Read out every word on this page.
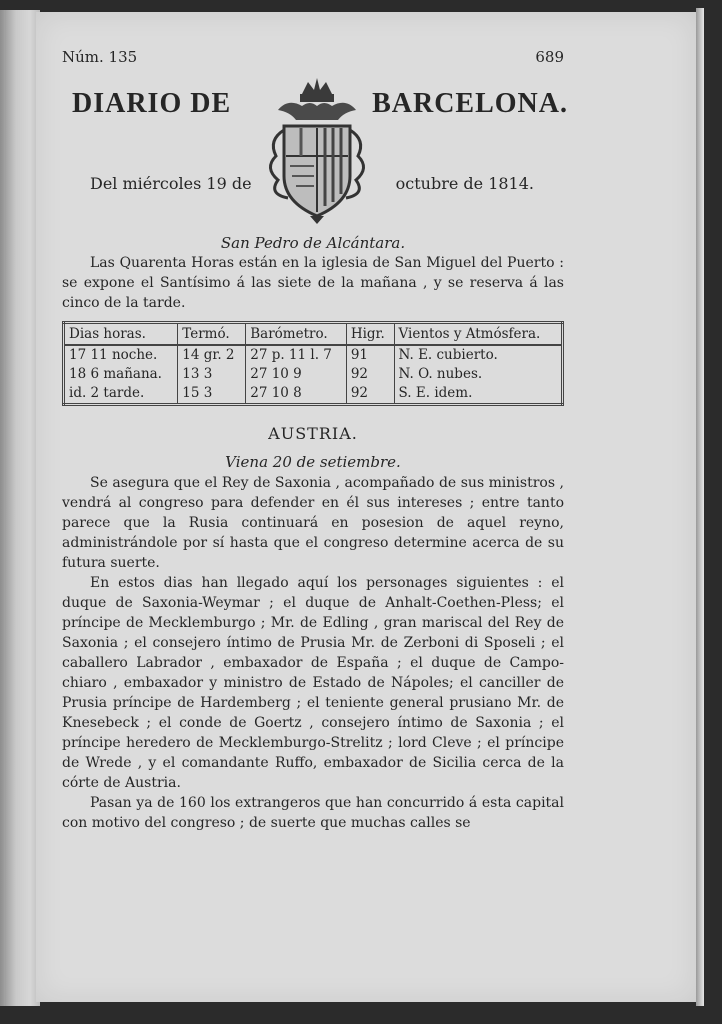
Núm. 135	689
DIARIO DE	BARCELONA.
Del miércoles 19 de	octubre de 1814.
San Pedro de Alcántara.

Las Quarenta Horas están en la iglesia de San Miguel del Puerto : se expone el Santísimo á las siete de la mañana , y se reserva á las cinco de la tarde.

Dias horas.	Termó.	Barómetro.	Higr.	Vientos y Atmósfera.
17 11 noche.	14 gr. 2	27 p. 11 l. 7	91	N. E. cubierto.
18 6 mañana.	13 3	27 10 9	92	N. O. nubes.
id. 2 tarde.	15 3	27 10 8	92	S. E. idem.
AUSTRIA.
Viena 20 de setiembre.

Se asegura que el Rey de Saxonia , acompañado de sus ministros , vendrá al congreso para defender en él sus intereses ; entre tanto parece que la Rusia continuará en posesion de aquel reyno, administrándole por sí hasta que el congreso determine acerca de su futura suerte.

En estos dias han llegado aquí los personages siguientes : el duque de Saxonia-Weymar ; el duque de Anhalt-Coethen-Pless; el príncipe de Mecklemburgo ; Mr. de Edling , gran mariscal del Rey de Saxonia ; el consejero íntimo de Prusia Mr. de Zerboni di Sposeli ; el caballero Labrador , embaxador de España ; el duque de Campo-chiaro , embaxador y ministro de Estado de Nápoles; el canciller de Prusia príncipe de Hardemberg ; el teniente general prusiano Mr. de Knesebeck ; el conde de Goertz , consejero íntimo de Saxonia ; el príncipe heredero de Mecklemburgo-Strelitz ; lord Cleve ; el príncipe de Wrede , y el comandante Ruffo, embaxador de Sicilia cerca de la córte de Austria.

Pasan ya de 160 los extrangeros que han concurrido á esta capital con motivo del congreso ; de suerte que muchas calles se
